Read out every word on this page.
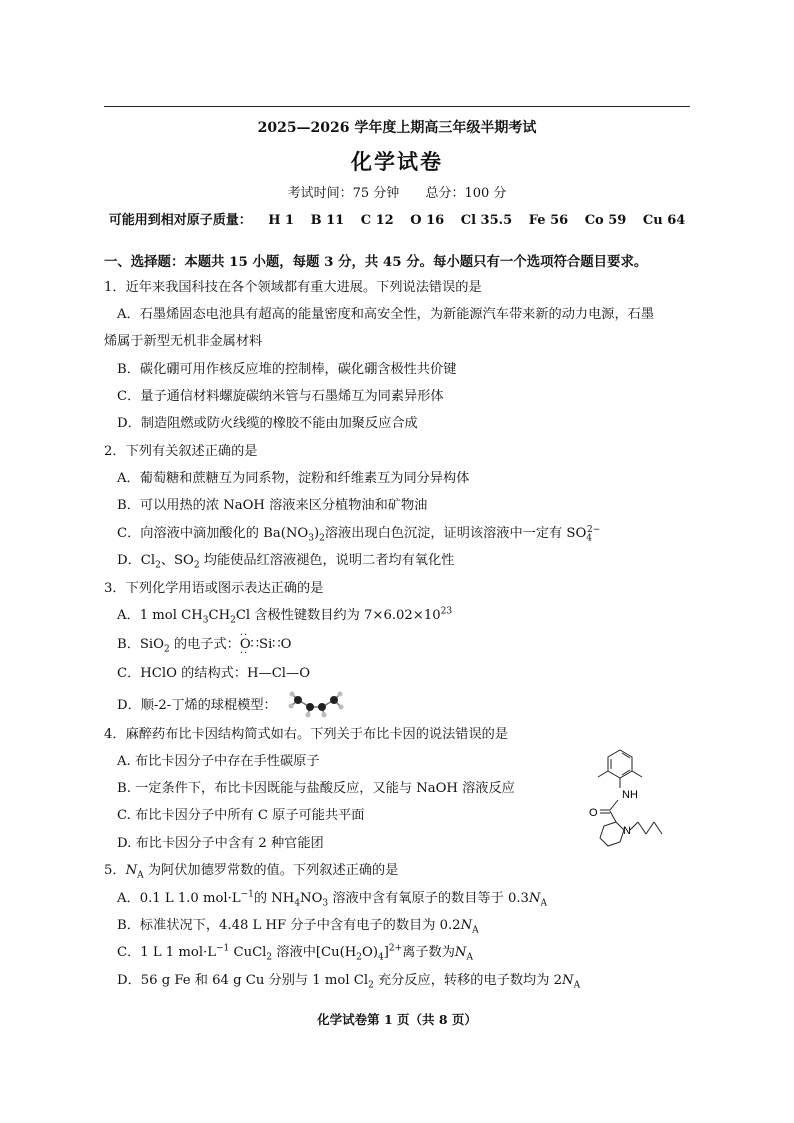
2025—2026 学年度上期高三年级半期考试
化学试卷
考试时间：75 分钟 总分：100 分
可能用到相对原子质量： H 1 B 11 C 12 O 16 Cl 35.5 Fe 56 Co 59 Cu 64
一、选择题：本题共 15 小题，每题 3 分，共 45 分。每小题只有一个选项符合题目要求。
1．近年来我国科技在各个领域都有重大进展。下列说法错误的是
A．石墨烯固态电池具有超高的能量密度和高安全性，为新能源汽车带来新的动力电源，石墨
烯属于新型无机非金属材料
B．碳化硼可用作核反应堆的控制棒，碳化硼含极性共价键
C．量子通信材料螺旋碳纳米管与石墨烯互为同素异形体
D．制造阻燃或防火线缆的橡胶不能由加聚反应合成
2．下列有关叙述正确的是
A．葡萄糖和蔗糖互为同系物，淀粉和纤维素互为同分异构体
B．可以用热的浓 NaOH 溶液来区分植物油和矿物油
C．向溶液中滴加酸化的 $Ba(NO_3)_2$溶液出现白色沉淀，证明该溶液中一定有 $SO_4^{2-}$
D．$Cl_2$、$SO_2$ 均能使品红溶液褪色，说明二者均有氧化性
3．下列化学用语或图示表达正确的是
A．1 mol $CH_3CH_2Cl$ 含极性键数目约为 $7\times 6.02\times 10^{23}$
B．SiO$_2$ 的电子式：·· O∷Si∷O ··
C．HClO 的结构式：H—Cl—O
D．顺-2-丁烯的球棍模型：
4．麻醉药布比卡因结构简式如右。下列关于布比卡因的说法错误的是
A. 布比卡因分子中存在手性碳原子
B. 一定条件下，布比卡因既能与盐酸反应，又能与 NaOH 溶液反应
C. 布比卡因分子中所有 C 原子可能共平面
D. 布比卡因分子中含有 2 种官能团
NH
O
N
5．$N_A$ 为阿伏加德罗常数的值。下列叙述正确的是
A．0.1 L 1.0 $mol\cdot L^{-1}$的 $NH_4NO_3$ 溶液中含有氧原子的数目等于 $0.3N_A$
B．标准状况下，4.48 L HF 分子中含有电子的数目为 $0.2N_A$
C．1 L 1 $mol\cdot L^{-1}$ CuCl$_2$ 溶液中$[Cu(H_2O)_4]^{2+}$离子数为$N_A$
D．56 g Fe 和 64 g Cu 分别与 1 mol $Cl_2$ 充分反应，转移的电子数均为 $2N_A$
化学试卷第 1 页（共 8 页）
